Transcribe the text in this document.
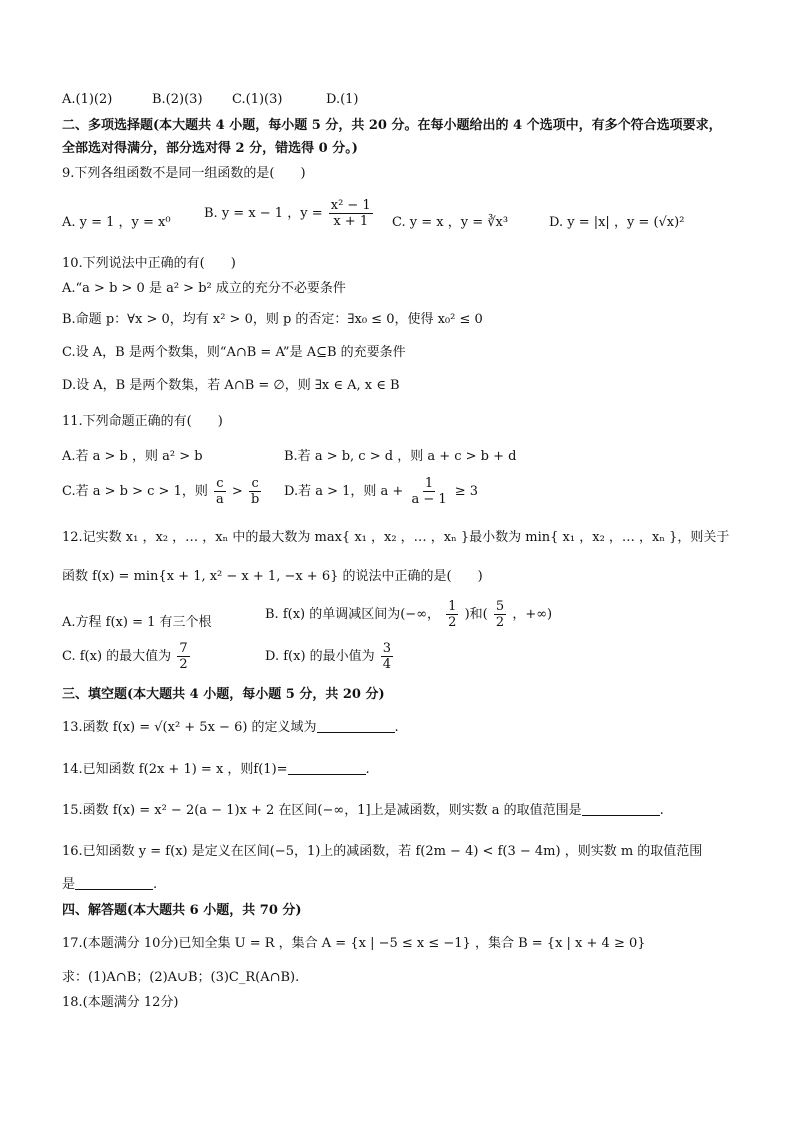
A.(1)(2)	B.(2)(3) C.(1)(3)	D.(1)
二、多项选择题(本大题共 4 小题，每小题 5 分，共 20 分。在每小题给出的 4 个选项中，有多个符合选项要求，
全部选对得满分，部分选对得 2 分，错选得 0 分。)
9.下列各组函数不是同一组函数的是(　　)
A. y = 1 ，y = x⁰
B. y = x − 1 ，$y = \frac{\text{x² − 1}}{x + 1} C$. y = x ，y = ∛x³	D. y = |x| ，y = (√x)²
10.下列说法中正确的有(　　)
A.“a > b > 0 是 a² > b² 成立的充分不必要条件
B.命题 p：∀x > 0，均有 x² > 0，则 p 的否定：∃x₀ ≤ 0，使得 x₀² ≤ 0
C.设 A，B 是两个数集，则“A∩B = A”是 A⊆B 的充要条件
D.设 A，B 是两个数集，若 A∩B = ∅，则 ∃x ∈ A, x ∈ B
11.下列命题正确的有(　　)
A.若 a > b ，则 a² > b	B.若 a > b, c > d ，则 a + c > b + d
C.若 a > b > c > 1，则 $\frac{c}{a} > \frac{c}{b} D$.若 a > 1，则 $a + \frac{1}{a - 1} \ge 3$
12.记实数 x₁ ，x₂ ，… ，xₙ 中的最大数为 max{ x₁ ，x₂ ，… ，xₙ }最小数为 min{ x₁ ，x₂ ，… ，xₙ }，则关于
函数 f(x) = min{x + 1, x² − x + 1, −x + 6} 的说法中正确的是(　　)
A.方程 f(x) = 1 有三个根
B. f(x) 的单调减区间为(−∞， $\frac{1}{2}$ )和( $\frac{5}{2}$ ，+∞)
C. f(x) 的最大值为 $\frac{7}{2}$	D. f(x) 的最小值为 $\frac{3}{4}$
三、填空题(本大题共 4 小题，每小题 5 分，共 20 分)
13.函数 f(x) = √(x² + 5x − 6) 的定义域为	.
14.已知函数 f(2x + 1) = x ，则f(1)=	.
15.函数 f(x) = x² − 2(a − 1)x + 2 在区间(−∞，1]上是减函数，则实数 a 的取值范围是	.
16.已知函数 y = f(x) 是定义在区间(−5，1)上的减函数，若 f(2m − 4) < f(3 − 4m) ，则实数 m 的取值范围
是	.
四、解答题(本大题共 6 小题，共 70 分)
17.(本题满分 10分)已知全集 U = R ，集合 A = {x | −5 ≤ x ≤ −1} ，集合 B = {x | x + 4 ≥ 0}
求：(1)A∩B；(2)A∪B；(3)C_R(A∩B).
18.(本题满分 12分)
